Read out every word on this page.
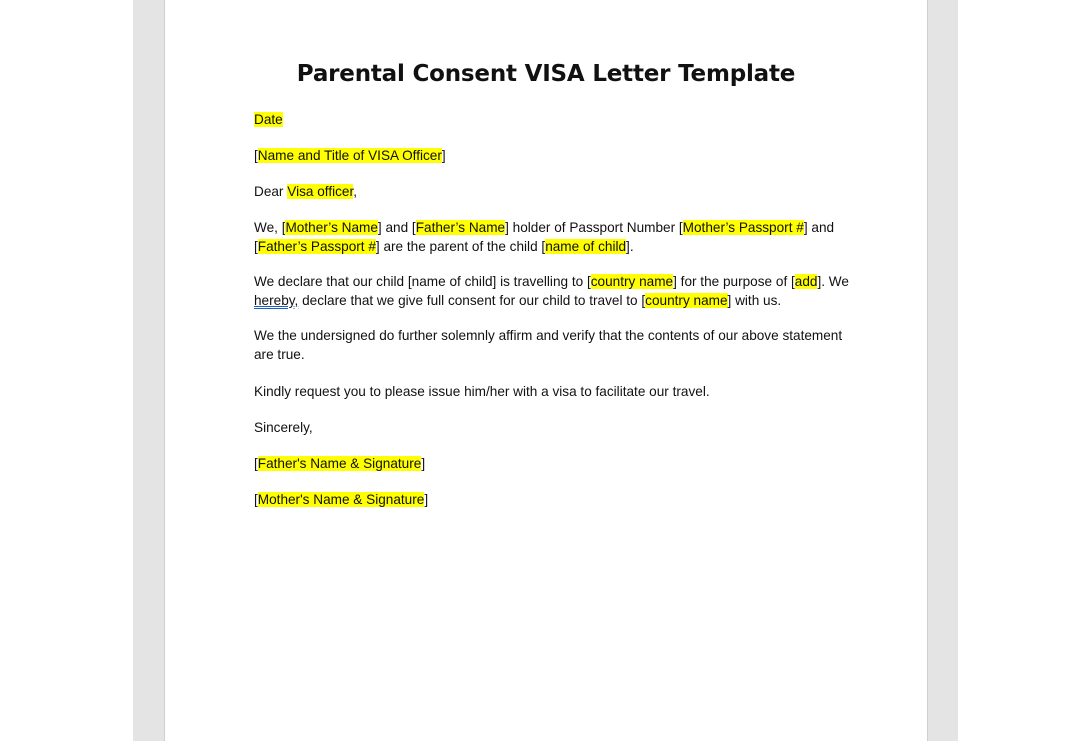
Parental Consent VISA Letter Template
Date
[Name and Title of VISA Officer]
Dear Visa officer,
We, [Mother’s Name] and [Father’s Name] holder of Passport Number [Mother’s Passport #] and
[Father’s Passport #] are the parent of the child [name of child].
We declare that our child [name of child] is travelling to [country name] for the purpose of [add]. We
hereby, declare that we give full consent for our child to travel to [country name] with us.
We the undersigned do further solemnly affirm and verify that the contents of our above statement
are true.
Kindly request you to please issue him/her with a visa to facilitate our travel.
Sincerely,
[Father's Name & Signature]
[Mother's Name & Signature]
